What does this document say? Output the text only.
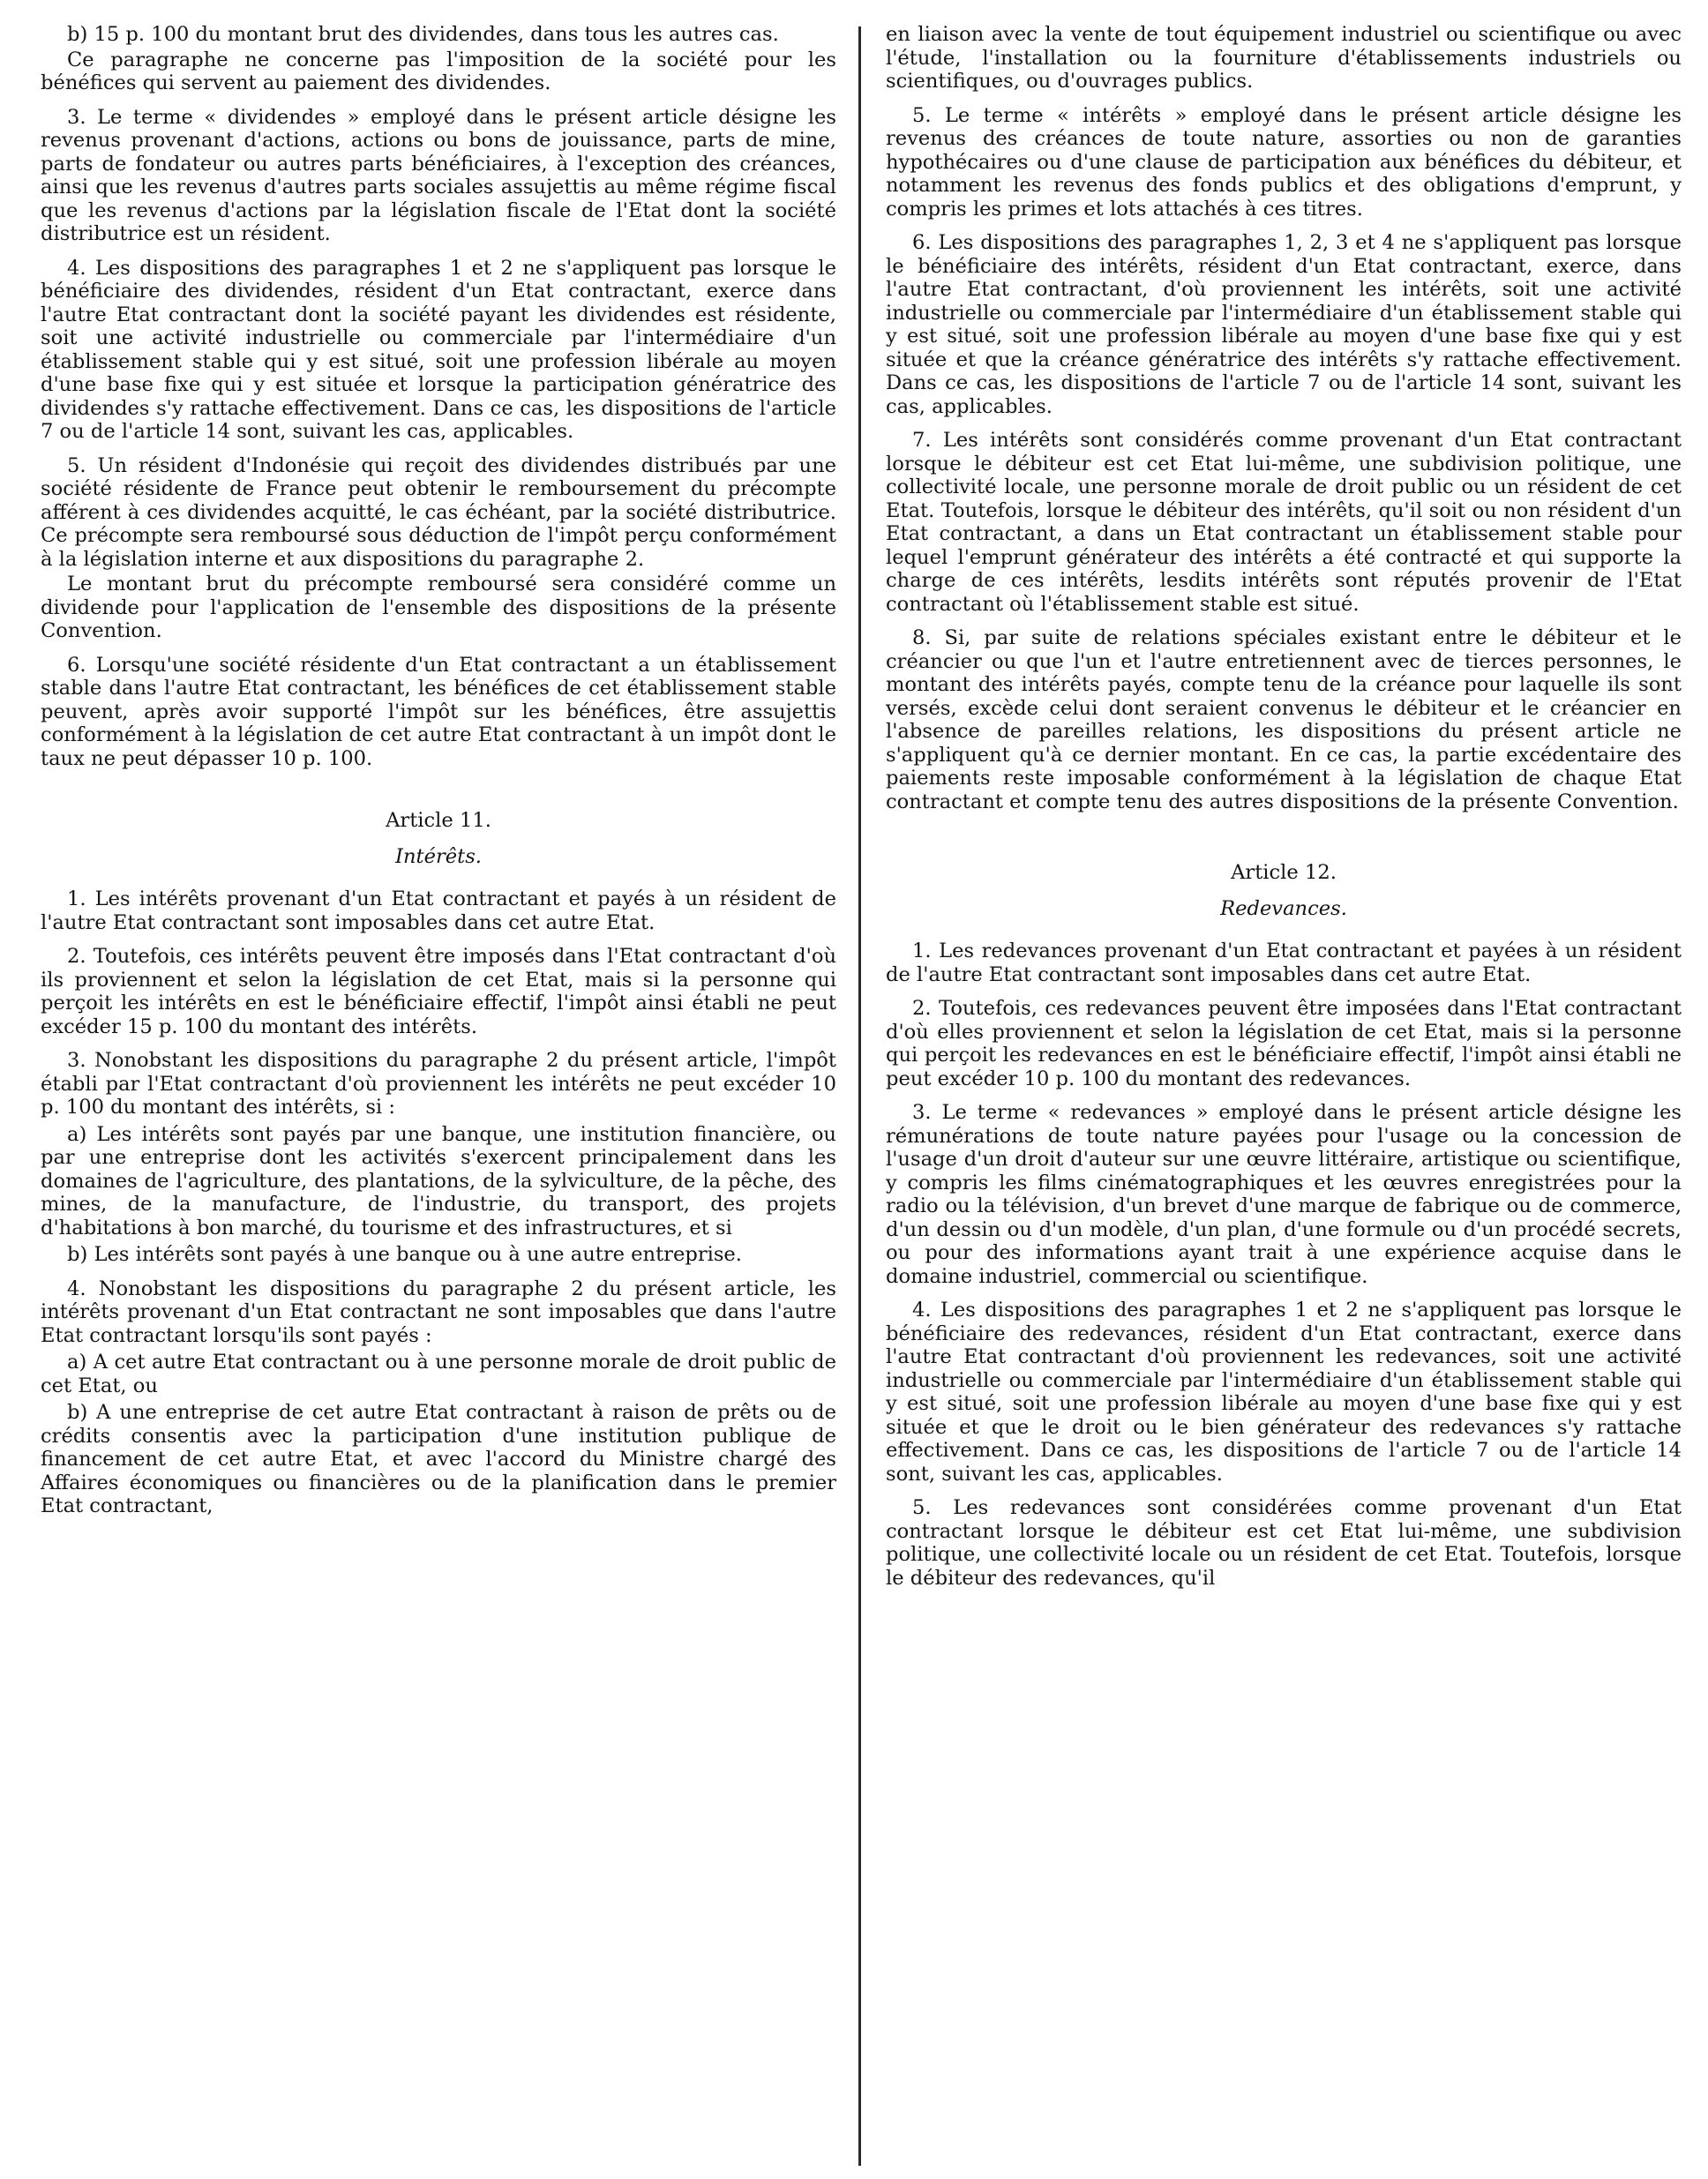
b) 15 p. 100 du montant brut des dividendes, dans tous les autres cas.

Ce paragraphe ne concerne pas l'imposition de la société pour les bénéfices qui servent au paiement des dividendes.

3. Le terme « dividendes » employé dans le présent article désigne les revenus provenant d'actions, actions ou bons de jouissance, parts de mine, parts de fondateur ou autres parts bénéficiaires, à l'exception des créances, ainsi que les revenus d'autres parts sociales assujettis au même régime fiscal que les revenus d'actions par la législation fiscale de l'Etat dont la société distributrice est un résident.

4. Les dispositions des paragraphes 1 et 2 ne s'appliquent pas lorsque le bénéficiaire des dividendes, résident d'un Etat contractant, exerce dans l'autre Etat contractant dont la société payant les dividendes est résidente, soit une activité industrielle ou commerciale par l'intermédiaire d'un établissement stable qui y est situé, soit une profession libérale au moyen d'une base fixe qui y est située et lorsque la participation génératrice des dividendes s'y rattache effectivement. Dans ce cas, les dispositions de l'article 7 ou de l'article 14 sont, suivant les cas, applicables.

5. Un résident d'Indonésie qui reçoit des dividendes distribués par une société résidente de France peut obtenir le remboursement du précompte afférent à ces dividendes acquitté, le cas échéant, par la société distributrice. Ce précompte sera remboursé sous déduction de l'impôt perçu conformément à la législation interne et aux dispositions du paragraphe 2.

Le montant brut du précompte remboursé sera considéré comme un dividende pour l'application de l'ensemble des dispositions de la présente Convention.

6. Lorsqu'une société résidente d'un Etat contractant a un établissement stable dans l'autre Etat contractant, les bénéfices de cet établissement stable peuvent, après avoir supporté l'impôt sur les bénéfices, être assujettis conformément à la législation de cet autre Etat contractant à un impôt dont le taux ne peut dépasser 10 p. 100.

Article 11.
Intérêts.

1. Les intérêts provenant d'un Etat contractant et payés à un résident de l'autre Etat contractant sont imposables dans cet autre Etat.

2. Toutefois, ces intérêts peuvent être imposés dans l'Etat contractant d'où ils proviennent et selon la législation de cet Etat, mais si la personne qui perçoit les intérêts en est le bénéficiaire effectif, l'impôt ainsi établi ne peut excéder 15 p. 100 du montant des intérêts.

3. Nonobstant les dispositions du paragraphe 2 du présent article, l'impôt établi par l'Etat contractant d'où proviennent les intérêts ne peut excéder 10 p. 100 du montant des intérêts, si :

a) Les intérêts sont payés par une banque, une institution financière, ou par une entreprise dont les activités s'exercent principalement dans les domaines de l'agriculture, des plantations, de la sylviculture, de la pêche, des mines, de la manufacture, de l'industrie, du transport, des projets d'habitations à bon marché, du tourisme et des infrastructures, et si

b) Les intérêts sont payés à une banque ou à une autre entreprise.

4. Nonobstant les dispositions du paragraphe 2 du présent article, les intérêts provenant d'un Etat contractant ne sont imposables que dans l'autre Etat contractant lorsqu'ils sont payés :

a) A cet autre Etat contractant ou à une personne morale de droit public de cet Etat, ou

b) A une entreprise de cet autre Etat contractant à raison de prêts ou de crédits consentis avec la participation d'une institution publique de financement de cet autre Etat, et avec l'accord du Ministre chargé des Affaires économiques ou financières ou de la planification dans le premier Etat contractant,

en liaison avec la vente de tout équipement industriel ou scientifique ou avec l'étude, l'installation ou la fourniture d'établissements industriels ou scientifiques, ou d'ouvrages publics.

5. Le terme « intérêts » employé dans le présent article désigne les revenus des créances de toute nature, assorties ou non de garanties hypothécaires ou d'une clause de participation aux bénéfices du débiteur, et notamment les revenus des fonds publics et des obligations d'emprunt, y compris les primes et lots attachés à ces titres.

6. Les dispositions des paragraphes 1, 2, 3 et 4 ne s'appliquent pas lorsque le bénéficiaire des intérêts, résident d'un Etat contractant, exerce, dans l'autre Etat contractant, d'où proviennent les intérêts, soit une activité industrielle ou commerciale par l'intermédiaire d'un établissement stable qui y est situé, soit une profession libérale au moyen d'une base fixe qui y est située et que la créance génératrice des intérêts s'y rattache effectivement. Dans ce cas, les dispositions de l'article 7 ou de l'article 14 sont, suivant les cas, applicables.

7. Les intérêts sont considérés comme provenant d'un Etat contractant lorsque le débiteur est cet Etat lui-même, une subdivision politique, une collectivité locale, une personne morale de droit public ou un résident de cet Etat. Toutefois, lorsque le débiteur des intérêts, qu'il soit ou non résident d'un Etat contractant, a dans un Etat contractant un établissement stable pour lequel l'emprunt générateur des intérêts a été contracté et qui supporte la charge de ces intérêts, lesdits intérêts sont réputés provenir de l'Etat contractant où l'établissement stable est situé.

8. Si, par suite de relations spéciales existant entre le débiteur et le créancier ou que l'un et l'autre entretiennent avec de tierces personnes, le montant des intérêts payés, compte tenu de la créance pour laquelle ils sont versés, excède celui dont seraient convenus le débiteur et le créancier en l'absence de pareilles relations, les dispositions du présent article ne s'appliquent qu'à ce dernier montant. En ce cas, la partie excédentaire des paiements reste imposable conformément à la législation de chaque Etat contractant et compte tenu des autres dispositions de la présente Convention.

Article 12.
Redevances.

1. Les redevances provenant d'un Etat contractant et payées à un résident de l'autre Etat contractant sont imposables dans cet autre Etat.

2. Toutefois, ces redevances peuvent être imposées dans l'Etat contractant d'où elles proviennent et selon la législation de cet Etat, mais si la personne qui perçoit les redevances en est le bénéficiaire effectif, l'impôt ainsi établi ne peut excéder 10 p. 100 du montant des redevances.

3. Le terme « redevances » employé dans le présent article désigne les rémunérations de toute nature payées pour l'usage ou la concession de l'usage d'un droit d'auteur sur une œuvre littéraire, artistique ou scientifique, y compris les films cinématographiques et les œuvres enregistrées pour la radio ou la télévision, d'un brevet d'une marque de fabrique ou de commerce, d'un dessin ou d'un modèle, d'un plan, d'une formule ou d'un procédé secrets, ou pour des informations ayant trait à une expérience acquise dans le domaine industriel, commercial ou scientifique.

4. Les dispositions des paragraphes 1 et 2 ne s'appliquent pas lorsque le bénéficiaire des redevances, résident d'un Etat contractant, exerce dans l'autre Etat contractant d'où proviennent les redevances, soit une activité industrielle ou commerciale par l'intermédiaire d'un établissement stable qui y est situé, soit une profession libérale au moyen d'une base fixe qui y est située et que le droit ou le bien générateur des redevances s'y rattache effectivement. Dans ce cas, les dispositions de l'article 7 ou de l'article 14 sont, suivant les cas, applicables.

5. Les redevances sont considérées comme provenant d'un Etat contractant lorsque le débiteur est cet Etat lui-même, une subdivision politique, une collectivité locale ou un résident de cet Etat. Toutefois, lorsque le débiteur des redevances, qu'il
